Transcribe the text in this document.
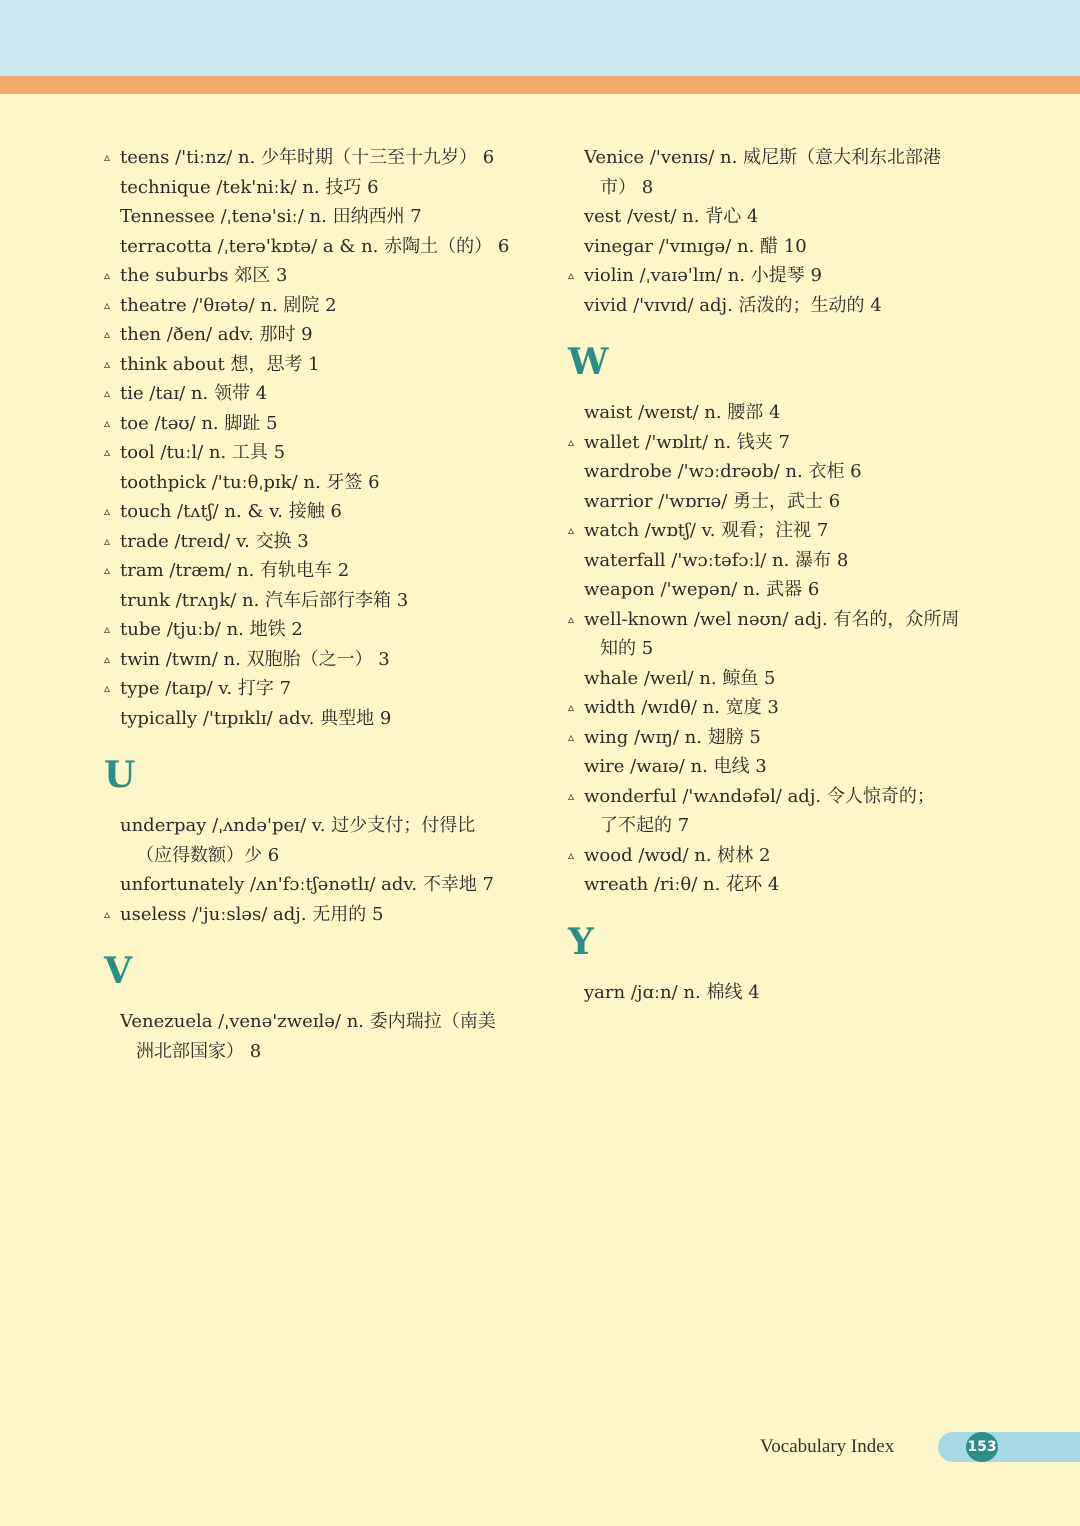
▵ teens /'tiːnz/ n. 少年时期（十三至十九岁） 6
technique /tek'niːk/ n. 技巧 6
Tennessee /ˌtenə'siː/ n. 田纳西州 7
terracotta /ˌterə'kɒtə/ a & n. 赤陶土（的） 6
▵ the suburbs 郊区 3
▵ theatre /'θɪətə/ n. 剧院 2
▵ then /ðen/ adv. 那时 9
▵ think about 想，思考 1
▵ tie /taɪ/ n. 领带 4
▵ toe /təʊ/ n. 脚趾 5
▵ tool /tuːl/ n. 工具 5
toothpick /'tuːθˌpɪk/ n. 牙签 6
▵ touch /tʌtʃ/ n. & v. 接触 6
▵ trade /treɪd/ v. 交换 3
▵ tram /træm/ n. 有轨电车 2
trunk /trʌŋk/ n. 汽车后部行李箱 3
▵ tube /tjuːb/ n. 地铁 2
▵ twin /twɪn/ n. 双胞胎（之一） 3
▵ type /taɪp/ v. 打字 7
typically /'tɪpɪklɪ/ adv. 典型地 9
U
underpay /ˌʌndə'peɪ/ v. 过少支付；付得比
（应得数额）少 6
unfortunately /ʌn'fɔːtʃənətlɪ/ adv. 不幸地 7
▵ useless /'juːsləs/ adj. 无用的 5
V
Venezuela /ˌvenə'zweɪlə/ n. 委内瑞拉（南美
洲北部国家） 8
Venice /'venɪs/ n. 威尼斯（意大利东北部港
市） 8
vest /vest/ n. 背心 4
vinegar /'vɪnɪgə/ n. 醋 10
▵ violin /ˌvaɪə'lɪn/ n. 小提琴 9
vivid /'vɪvɪd/ adj. 活泼的；生动的 4
W
waist /weɪst/ n. 腰部 4
▵ wallet /'wɒlɪt/ n. 钱夹 7
wardrobe /'wɔːdrəʊb/ n. 衣柜 6
warrior /'wɒrɪə/ 勇士，武士 6
▵ watch /wɒtʃ/ v. 观看；注视 7
waterfall /'wɔːtəfɔːl/ n. 瀑布 8
weapon /'wepən/ n. 武器 6
▵ well-known /wel nəʊn/ adj. 有名的，众所周
知的 5
whale /weɪl/ n. 鲸鱼 5
▵ width /wɪdθ/ n. 宽度 3
▵ wing /wɪŋ/ n. 翅膀 5
wire /waɪə/ n. 电线 3
▵ wonderful /'wʌndəfəl/ adj. 令人惊奇的；
了不起的 7
▵ wood /wʊd/ n. 树林 2
wreath /riːθ/ n. 花环 4
Y
yarn /jɑːn/ n. 棉线 4
Vocabulary Index	153
